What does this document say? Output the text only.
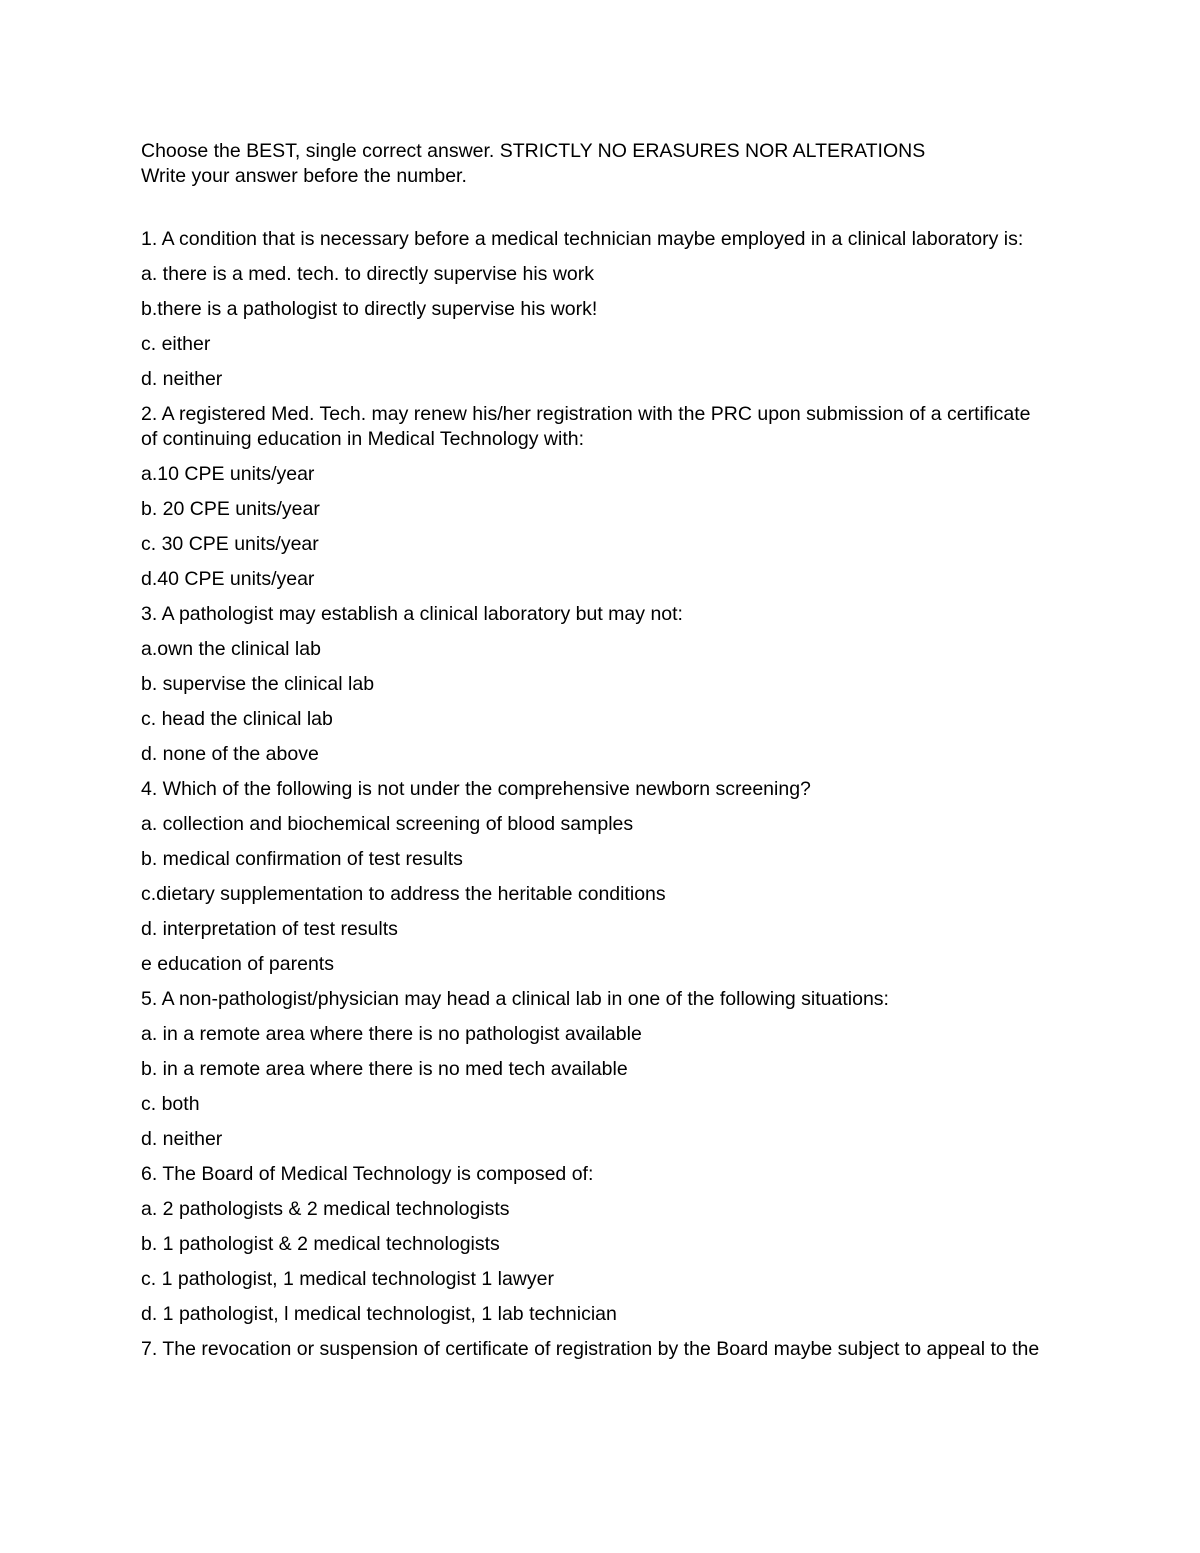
Choose the BEST, single correct answer. STRICTLY NO ERASURES NOR ALTERATIONS

Write your answer before the number.

1. A condition that is necessary before a medical technician maybe employed in a clinical laboratory is:

a. there is a med. tech. to directly supervise his work

b.there is a pathologist to directly supervise his work!

c. either

d. neither

2. A registered Med. Tech. may renew his/her registration with the PRC upon submission of a certificate of continuing education in Medical Technology with:

a.10 CPE units/year

b. 20 CPE units/year

c. 30 CPE units/year

d.40 CPE units/year

3. A pathologist may establish a clinical laboratory but may not:

a.own the clinical lab

b. supervise the clinical lab

c. head the clinical lab

d. none of the above

4. Which of the following is not under the comprehensive newborn screening?

a. collection and biochemical screening of blood samples

b. medical confirmation of test results

c.dietary supplementation to address the heritable conditions

d. interpretation of test results

e education of parents

5. A non-pathologist/physician may head a clinical lab in one of the following situations:

a. in a remote area where there is no pathologist available

b. in a remote area where there is no med tech available

c. both

d. neither

6. The Board of Medical Technology is composed of:

a. 2 pathologists & 2 medical technologists

b. 1 pathologist & 2 medical technologists

c. 1 pathologist, 1 medical technologist 1 lawyer

d. 1 pathologist, l medical technologist, 1 lab technician

7. The revocation or suspension of certificate of registration by the Board maybe subject to appeal to the
